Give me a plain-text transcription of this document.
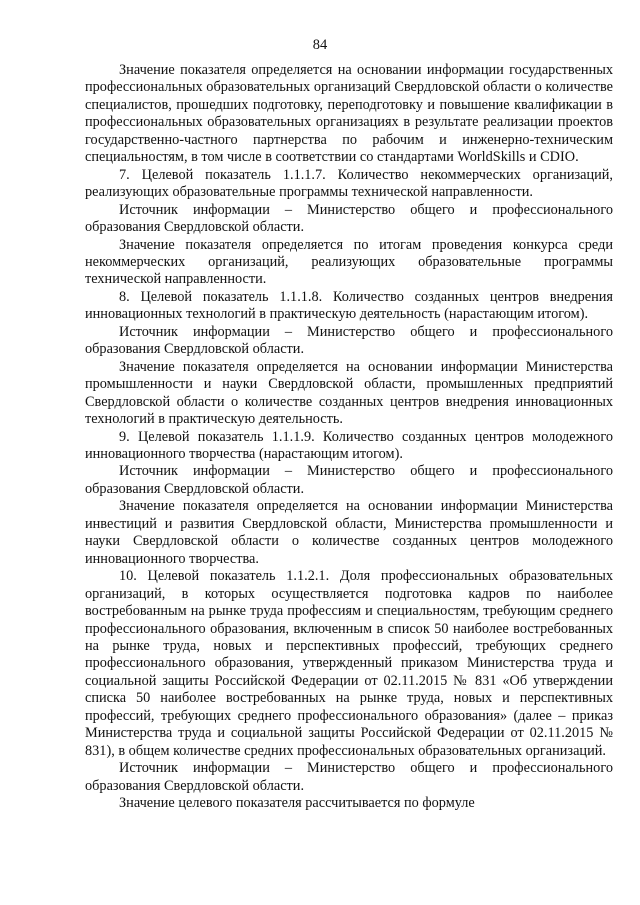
84

Значение показателя определяется на основании информации государственных профессиональных образовательных организаций Свердловской области о количестве специалистов, прошедших подготовку, переподготовку и повышение квалификации в профессиональных образовательных организациях в результате реализации проектов государственно-частного партнерства по рабочим и инженерно-техническим специальностям, в том числе в соответствии со стандартами WorldSkills и CDIO.

7. Целевой показатель 1.1.1.7. Количество некоммерческих организаций, реализующих образовательные программы технической направленности.

Источник информации – Министерство общего и профессионального образования Свердловской области.

Значение показателя определяется по итогам проведения конкурса среди некоммерческих организаций, реализующих образовательные программы технической направленности.

8. Целевой показатель 1.1.1.8. Количество созданных центров внедрения инновационных технологий в практическую деятельность (нарастающим итогом).

Источник информации – Министерство общего и профессионального образования Свердловской области.

Значение показателя определяется на основании информации Министерства промышленности и науки Свердловской области, промышленных предприятий Свердловской области о количестве созданных центров внедрения инновационных технологий в практическую деятельность.

9. Целевой показатель 1.1.1.9. Количество созданных центров молодежного инновационного творчества (нарастающим итогом).

Источник информации – Министерство общего и профессионального образования Свердловской области.

Значение показателя определяется на основании информации Министерства инвестиций и развития Свердловской области, Министерства промышленности и науки Свердловской области о количестве созданных центров молодежного инновационного творчества.

10. Целевой показатель 1.1.2.1. Доля профессиональных образовательных организаций, в которых осуществляется подготовка кадров по наиболее востребованным на рынке труда профессиям и специальностям, требующим среднего профессионального образования, включенным в список 50 наиболее востребованных на рынке труда, новых и перспективных профессий, требующих среднего профессионального образования, утвержденный приказом Министерства труда и социальной защиты Российской Федерации от 02.11.2015 № 831 «Об утверждении списка 50 наиболее востребованных на рынке труда, новых и перспективных профессий, требующих среднего профессионального образования» (далее – приказ Министерства труда и социальной защиты Российской Федерации от 02.11.2015 № 831), в общем количестве средних профессиональных образовательных организаций.

Источник информации – Министерство общего и профессионального образования Свердловской области.

Значение целевого показателя рассчитывается по формуле
